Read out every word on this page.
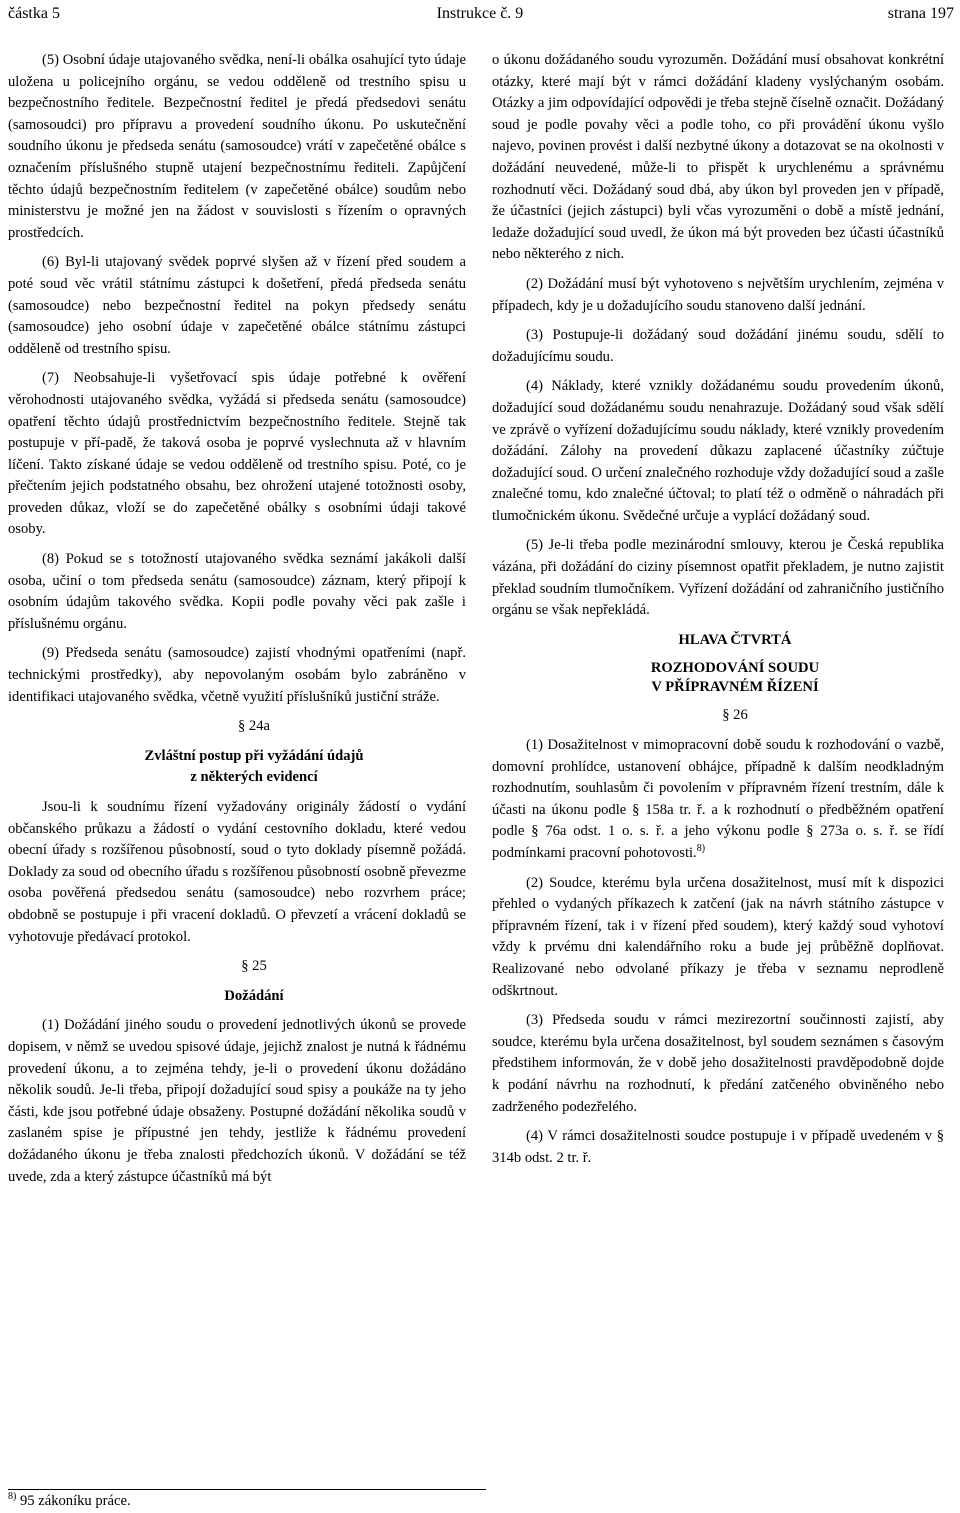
částka 5	Instrukce č. 9	strana 197

(5) Osobní údaje utajovaného svědka, není-li obálka osahující tyto údaje uložena u policejního orgánu, se vedou odděleně od trestního spisu u bezpečnostního ředitele. Bezpečnostní ředitel je předá předsedovi senátu (samosoudci) pro přípravu a provedení soudního úkonu. Po uskutečnění soudního úkonu je předseda senátu (samosoudce) vrátí v zapečetěné obálce s označením příslušného stupně utajení bezpečnostnímu řediteli. Zapůjčení těchto údajů bezpečnostním ředitelem (v zapečetěné obálce) soudům nebo ministerstvu je možné jen na žádost v souvislosti s řízením o opravných prostředcích.

(6) Byl-li utajovaný svědek poprvé slyšen až v řízení před soudem a poté soud věc vrátil státnímu zástupci k došetření, předá předseda senátu (samosoudce) nebo bezpečnostní ředitel na pokyn předsedy senátu (samosoudce) jeho osobní údaje v zapečetěné obálce státnímu zástupci odděleně od trestního spisu.

(7) Neobsahuje-li vyšetřovací spis údaje potřebné k ověření věrohodnosti utajovaného svědka, vyžádá si předseda senátu (samosoudce) opatření těchto údajů prostřednictvím bezpečnostního ředitele. Stejně tak postupuje v pří-padě, že taková osoba je poprvé vyslechnuta až v hlavním líčení. Takto získané údaje se vedou odděleně od trestního spisu. Poté, co je přečtením jejich podstatného obsahu, bez ohrožení utajené totožnosti osoby, proveden důkaz, vloží se do zapečetěné obálky s osobními údaji takové osoby.

(8) Pokud se s totožností utajovaného svědka seznámí jakákoli další osoba, učiní o tom předseda senátu (samosoudce) záznam, který připojí k osobním údajům takového svědka. Kopii podle povahy věci pak zašle i příslušnému orgánu.

(9) Předseda senátu (samosoudce) zajistí vhodnými opatřeními (např. technickými prostředky), aby nepovolaným osobám bylo zabráněno v identifikaci utajovaného svědka, včetně využití příslušníků justiční stráže.

§ 24a

Zvláštní postup při vyžádání údajů

z některých evidencí

Jsou-li k soudnímu řízení vyžadovány originály žádostí o vydání občanského průkazu a žádostí o vydání cestovního dokladu, které vedou obecní úřady s rozšířenou působností, soud o tyto doklady písemně požádá. Doklady za soud od obecního úřadu s rozšířenou působností osobně převezme osoba pověřená předsedou senátu (samosoudce) nebo rozvrhem práce; obdobně se postupuje i při vracení dokladů. O převzetí a vrácení dokladů se vyhotovuje předávací protokol.

§ 25

Dožádání

(1) Dožádání jiného soudu o provedení jednotlivých úkonů se provede dopisem, v němž se uvedou spisové údaje, jejichž znalost je nutná k řádnému provedení úkonu, a to zejména tehdy, je-li o provedení úkonu dožádáno několik soudů. Je-li třeba, připojí dožadující soud spisy a poukáže na ty jeho části, kde jsou potřebné údaje obsaženy. Postupné dožádání několika soudů v zaslaném spise je přípustné jen tehdy, jestliže k řádnému provedení dožádaného úkonu je třeba znalosti předchozích úkonů. V dožádání se též uvede, zda a který zástupce účastníků má být

o úkonu dožádaného soudu vyrozuměn. Dožádání musí obsahovat konkrétní otázky, které mají být v rámci dožádání kladeny vyslýchaným osobám. Otázky a jim odpovídající odpovědi je třeba stejně číselně označit. Dožádaný soud je podle povahy věci a podle toho, co při provádění úkonu vyšlo najevo, povinen provést i další nezbytné úkony a dotazovat se na okolnosti v dožádání neuvedené, může-li to přispět k urychlenému a správnému rozhodnutí věci. Dožádaný soud dbá, aby úkon byl proveden jen v případě, že účastníci (jejich zástupci) byli včas vyrozuměni o době a místě jednání, ledaže dožadující soud uvedl, že úkon má být proveden bez účasti účastníků nebo některého z nich.

(2) Dožádání musí být vyhotoveno s největším urychlením, zejména v případech, kdy je u dožadujícího soudu stanoveno další jednání.

(3) Postupuje-li dožádaný soud dožádání jinému soudu, sdělí to dožadujícímu soudu.

(4) Náklady, které vznikly dožádanému soudu provedením úkonů, dožadující soud dožádanému soudu nenahrazuje. Dožádaný soud však sdělí ve zprávě o vyřízení dožadujícímu soudu náklady, které vznikly provedením dožádání. Zálohy na provedení důkazu zaplacené účastníky zúčtuje dožadující soud. O určení znalečného rozhoduje vždy dožadující soud a zašle znalečné tomu, kdo znalečné účtoval; to platí též o odměně o náhradách při tlumočnickém úkonu. Svědečné určuje a vyplácí dožádaný soud.

(5) Je-li třeba podle mezinárodní smlouvy, kterou je Česká republika vázána, při dožádání do ciziny písemnost opatřit překladem, je nutno zajistit překlad soudním tlumočníkem. Vyřízení dožádání od zahraničního justičního orgánu se však nepřekládá.

HLAVA ČTVRTÁ

ROZHODOVÁNÍ SOUDU

V PŘÍPRAVNÉM ŘÍZENÍ

§ 26

(1) Dosažitelnost v mimopracovní době soudu k rozhodování o vazbě, domovní prohlídce, ustanovení obhájce, případně k dalším neodkladným rozhodnutím, souhlasům či povolením v přípravném řízení trestním, dále k účasti na úkonu podle § 158a tr. ř. a k rozhodnutí o předběžném opatření podle § 76a odst. 1 o. s. ř. a jeho výkonu podle § 273a o. s. ř. se řídí podmínkami pracovní pohotovosti.$^{8)}$

(2) Soudce, kterému byla určena dosažitelnost, musí mít k dispozici přehled o vydaných příkazech k zatčení (jak na návrh státního zástupce v přípravném řízení, tak i v řízení před soudem), který každý soud vyhotoví vždy k prvému dni kalendářního roku a bude jej průběžně doplňovat. Realizované nebo odvolané příkazy je třeba v seznamu neprodleně odškrtnout.

(3) Předseda soudu v rámci mezirezortní součinnosti zajistí, aby soudce, kterému byla určena dosažitelnost, byl soudem seznámen s časovým předstihem informován, že v době jeho dosažitelnosti pravděpodobně dojde k podání návrhu na rozhodnutí, k předání zatčeného obviněného nebo zadrženého podezřelého.

(4) V rámci dosažitelnosti soudce postupuje i v případě uvedeném v § 314b odst. 2 tr. ř.

$^{8)}$ 95 zákoníku práce.
